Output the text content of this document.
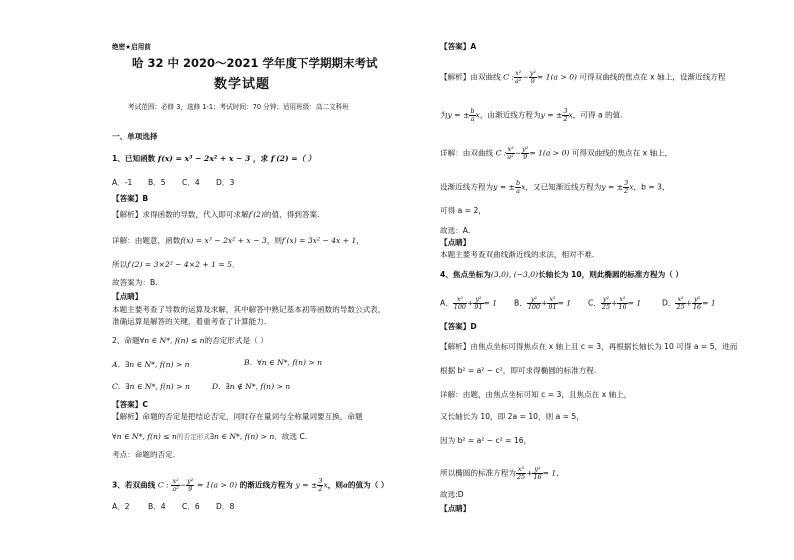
绝密★启用前
哈 32 中 2020～2021 学年度下学期期末考试
数学试题
考试范围：必修 3，选修 1-1；考试时间：70 分钟；适用班级：高二文科班
一、单项选择
1、已知函数 f(x) = x³ − 2x² + x − 3 ，求 f′(2) =（ ）
A．-1 B．5 C．4 D．3
【答案】B
【解析】求得函数的导数，代入即可求解f′(2)的值，得到答案.
详解：由题意，函数f(x) = x³ − 2x² + x − 3，则f′(x) = 3x² − 4x + 1，
所以f′(2) = 3×2² − 4×2 + 1 = 5．
故答案为：B.
【点睛】
本题主要考查了导数的运算及求解，其中解答中熟记基本初等函数的导数公式表，
准确运算是解答的关键，着重考查了计算能力.
2、命题∀n ∈ N*, f(n) ≤ n的否定形式是（ ）
A．∃n ∈ N*, f(n) > n	B．∀n ∈ N*, f(n) > n
C．∃n ∈ N*, f(n) > n	D．∃n ∉ N*, f(n) > n
【答案】C
【解析】命题的否定是把结论否定，同时存在量词与全称量词要互换，命题
∀n ∈ N*, f(n) ≤ n的否定形式∃n ∈ N*, f(n) > n．故选 C.
考点：命题的否定.
3、若双曲线 C : $\frac{\text{x²}}{\text{a²}} - \frac{\text{y²}}{9} = 1(a > 0)$ 的渐近线方程为 y = ± $\frac{3}{2}$ x，则a的值为（ ）
A．2 B．4 C．6 D．8
【答案】A
【解析】由双曲线 C : $\frac{\text{x²}}{\text{a²}} - \frac{\text{y²}}{9} = 1(a > 0)$ 可得双曲线的焦点在 x 轴上，设渐近线方程
为y = ± $\frac{b}{a}$ x，由渐近线方程为y = ± $\frac{3}{2}$ x，可得 a 的值.
详解：由双曲线 C : $\frac{\text{x²}}{\text{a²}} - \frac{\text{y²}}{9} = 1(a > 0)$ 可得双曲线的焦点在 x 轴上，
设渐近线方程为y = ± $\frac{b}{a}$ x，又已知渐近线方程为y = ± $\frac{3}{2}$ x，b = 3，
可得 a = 2，
故选：A.
【点睛】
本题主要考查双曲线渐近线的求法，相对不难.
4、焦点坐标为(3,0), (−3,0)长轴长为 10，则此椭圆的标准方程为（ ）
A． $\frac{\text{x²}}{100} + \frac{\text{y²}}{91} = 1$ B． $\frac{\text{y²}}{100} + \frac{\text{x²}}{91} = 1$ C． $\frac{\text{y²}}{25} + \frac{\text{x²}}{16} = 1$	D． $\frac{\text{x²}}{25} + \frac{\text{y²}}{16} = 1$
【答案】D
【解析】由焦点坐标可得焦点在 x 轴上且 c = 3，再根据长轴长为 10 可得 a = 5，进而
根据 b² = a² − c²，即可求得椭圆的标准方程.
详解：由题，由焦点坐标可知 c = 3，且焦点在 x 轴上，
又长轴长为 10，即 2a = 10，则 a = 5，
因为 b² = a² − c² = 16，
所以椭圆的标准方程为 $\frac{\text{x²}}{25} + \frac{\text{y²}}{16} = 1$，
故选:D
【点睛】
